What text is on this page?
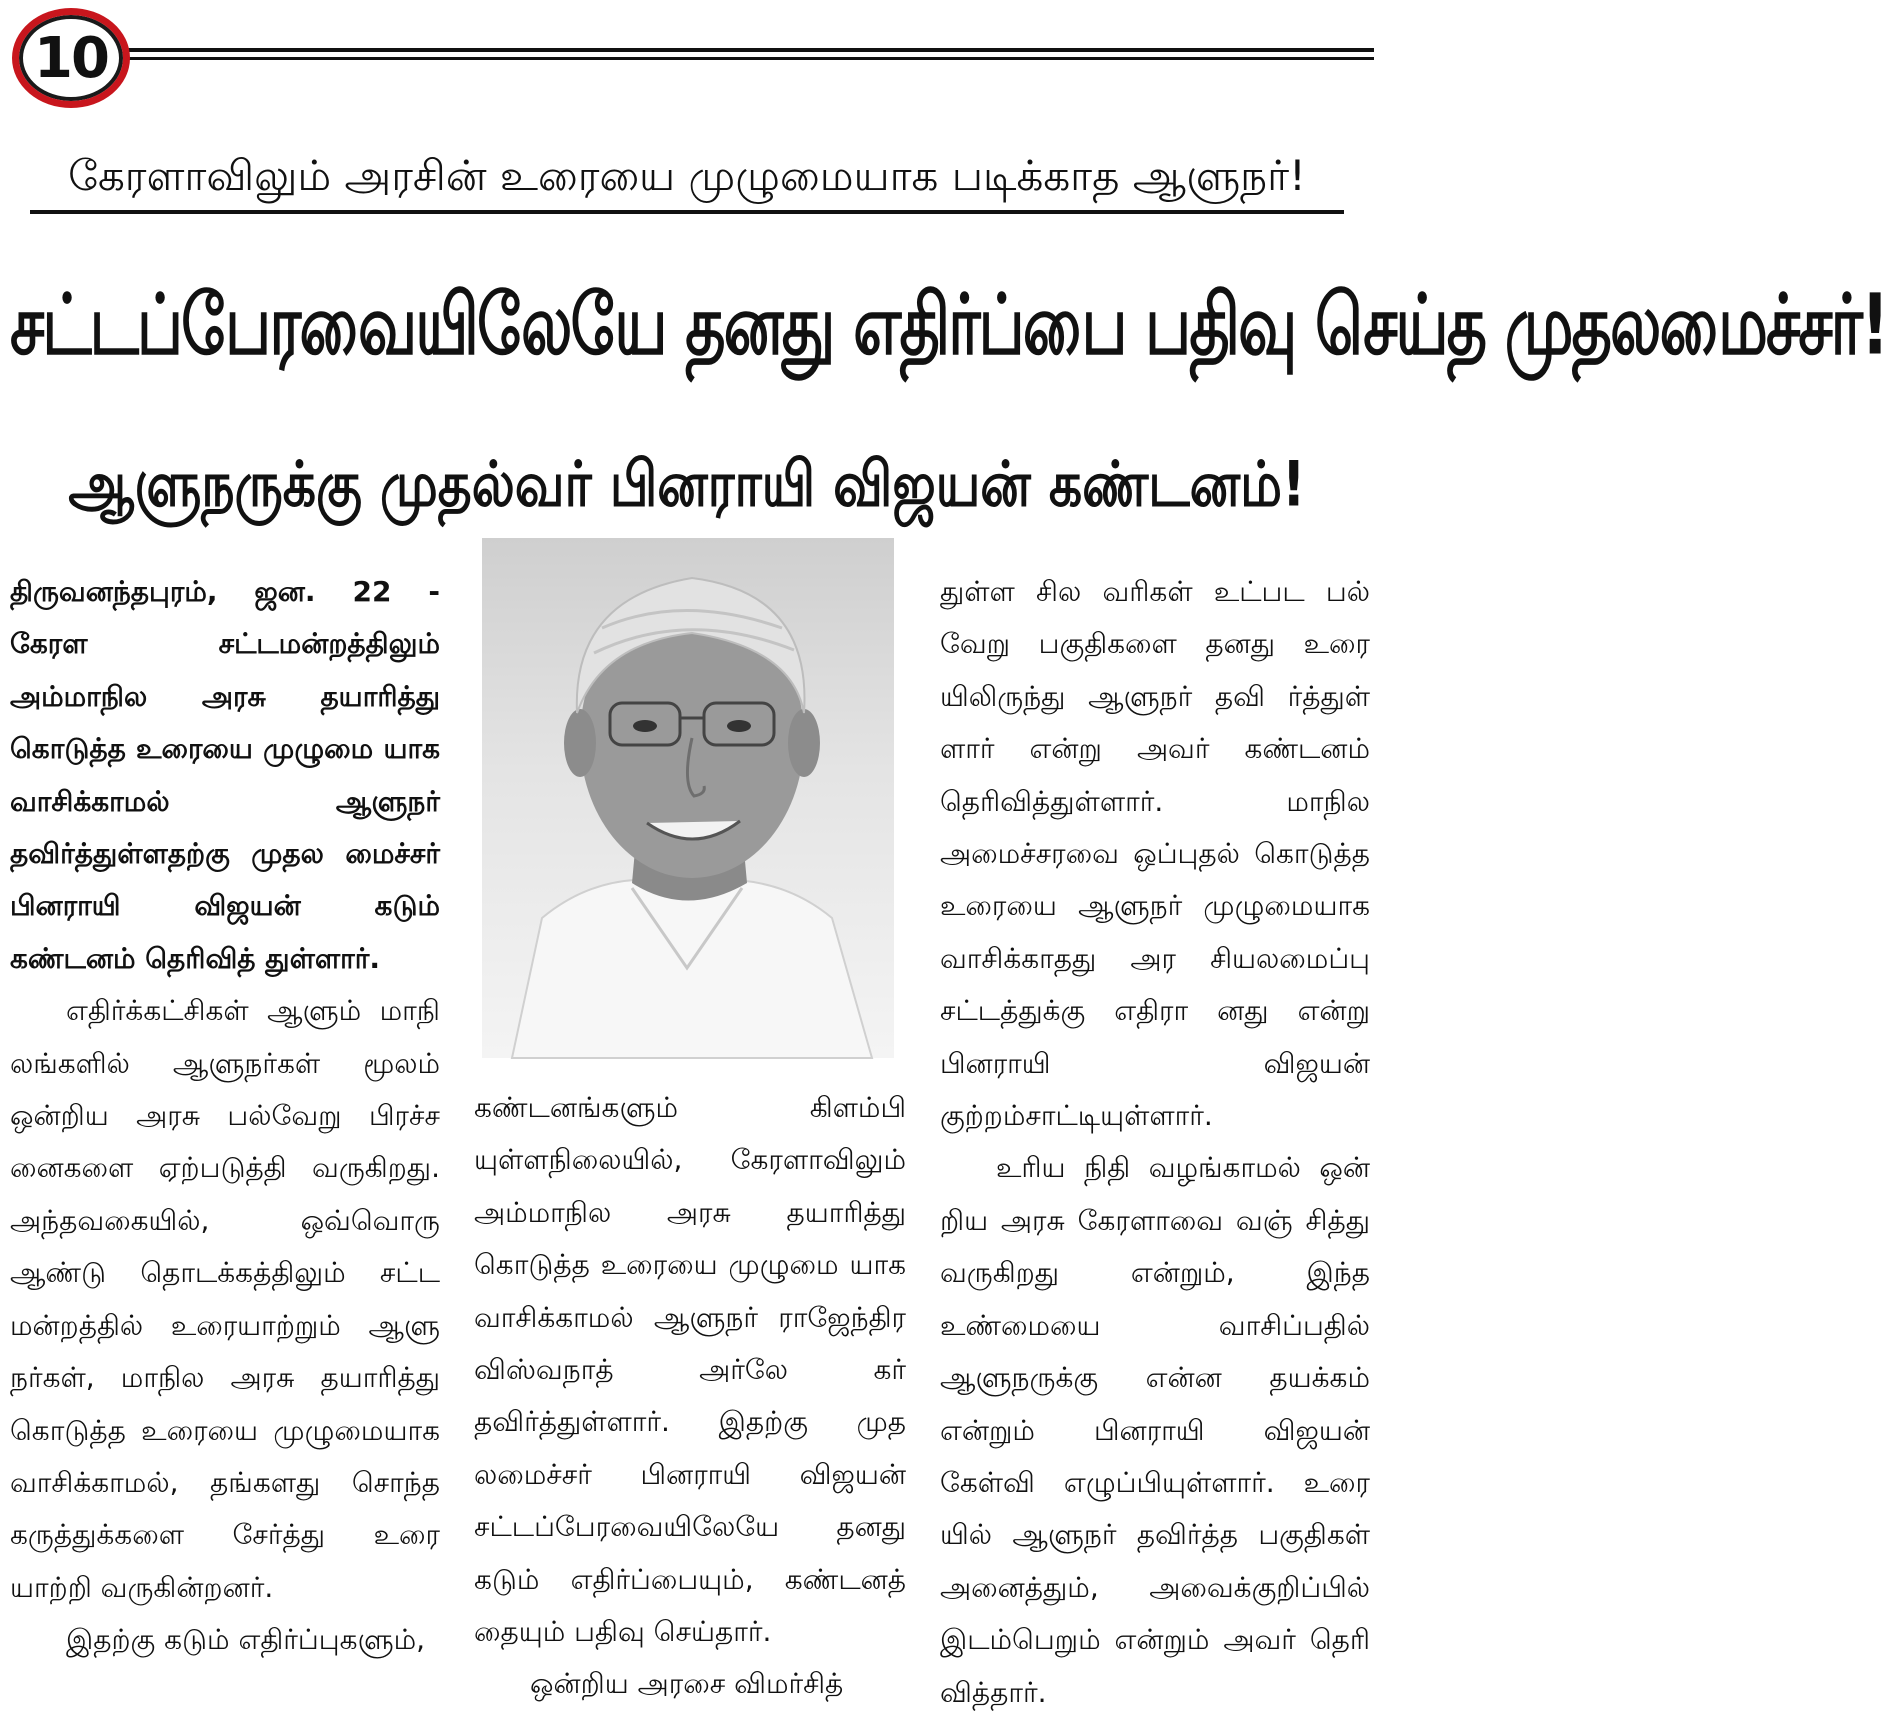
10
கேரளாவிலும் அரசின் உரையை முழுமையாக படிக்காத ஆளுநர்!
சட்டப்பேரவையிலேயே தனது எதிர்ப்பை பதிவு செய்த முதலமைச்சர்!
ஆளுநருக்கு முதல்வர் பினராயி விஜயன் கண்டனம்!

திருவனந்தபுரம், ஜன. 22 - கேரள சட்டமன்றத்திலும் அம்மாநில அரசு தயாரித்து கொடுத்த உரையை முழுமை யாக வாசிக்காமல் ஆளுநர் தவிர்த்துள்ளதற்கு முதல மைச்சர் பினராயி விஜயன் கடும் கண்டனம் தெரிவித் துள்ளார்.

எதிர்க்கட்சிகள் ஆளும் மாநி லங்களில் ஆளுநர்கள் மூலம் ஒன்றிய அரசு பல்வேறு பிரச்ச னைகளை ஏற்படுத்தி வருகிறது. அந்தவகையில், ஒவ்வொரு ஆண்டு தொடக்கத்திலும் சட்ட மன்றத்தில் உரையாற்றும் ஆளு நர்கள், மாநில அரசு தயாரித்து கொடுத்த உரையை முழுமையாக வாசிக்காமல், தங்களது சொந்த கருத்துக்களை சேர்த்து உரை யாற்றி வருகின்றனர்.

இதற்கு கடும் எதிர்ப்புகளும்,

கண்டனங்களும் கிளம்பி யுள்ளநிலையில், கேரளாவிலும் அம்மாநில அரசு தயாரித்து கொடுத்த உரையை முழுமை யாக வாசிக்காமல் ஆளுநர் ராஜேந்திர விஸ்வநாத் அர்லே கர் தவிர்த்துள்ளார். இதற்கு முத லமைச்சர் பினராயி விஜயன் சட்டப்பேரவையிலேயே தனது கடும் எதிர்ப்பையும், கண்டனத் தையும் பதிவு செய்தார்.

ஒன்றிய அரசை விமர்சித்

துள்ள சில வரிகள் உட்பட பல் வேறு பகுதிகளை தனது உரை யிலிருந்து ஆளுநர் தவி ர்த்துள் ளார் என்று அவர் கண்டனம் தெரிவித்துள்ளார். மாநில அமைச்சரவை ஒப்புதல் கொடுத்த உரையை ஆளுநர் முழுமையாக வாசிக்காதது அர சியலமைப்பு சட்டத்துக்கு எதிரா னது என்று பினராயி விஜயன் குற்றம்சாட்டியுள்ளார்.

உரிய நிதி வழங்காமல் ஒன் றிய அரசு கேரளாவை வஞ் சித்து வருகிறது என்றும், இந்த உண்மையை வாசிப்பதில் ஆளுநருக்கு என்ன தயக்கம் என்றும் பினராயி விஜயன் கேள்வி எழுப்பியுள்ளார். உரை யில் ஆளுநர் தவிர்த்த பகுதிகள் அனைத்தும், அவைக்குறிப்பில் இடம்பெறும் என்றும் அவர் தெரி வித்தார்.
